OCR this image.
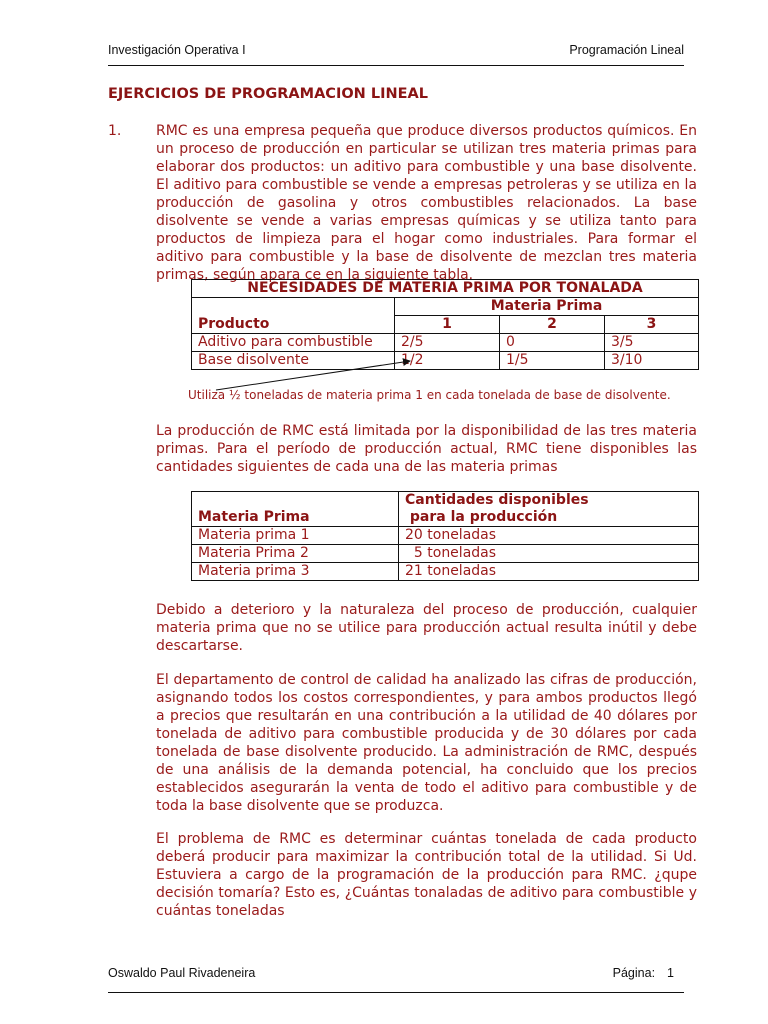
Investigación Operativa I	Programación Lineal
EJERCICIOS DE PROGRAMACION LINEAL
1. RMC es una empresa pequeña que produce diversos productos químicos. En un proceso de producción en particular se utilizan tres materia primas para elaborar dos productos: un aditivo para combustible y una base disolvente. El aditivo para combustible se vende a empresas petroleras y se utiliza en la producción de gasolina y otros combustibles relacionados. La base disolvente se vende a varias empresas químicas y se utiliza tanto para productos de limpieza para el hogar como industriales. Para formar el aditivo para combustible y la base de disolvente de mezclan tres materia primas, según apara ce en la siguiente tabla.
NECESIDADES DE MATERIA PRIMA POR TONALADA			
	Materia Prima		
Producto	1	2	3
Aditivo para combustible	2/5	0	3/5
Base disolvente	1/2	1/5	3/10
Utiliza ½ toneladas de materia prima 1 en cada tonelada de base de disolvente.
La producción de RMC está limitada por la disponibilidad de las tres materia primas. Para el período de producción actual, RMC tiene disponibles las cantidades siguientes de cada una de las materia primas
	Cantidades disponibles
Materia Prima	para la producción
Materia prima 1	20 toneladas
Materia Prima 2	5 toneladas
Materia prima 3	21 toneladas
Debido a deterioro y la naturaleza del proceso de producción, cualquier materia prima que no se utilice para producción actual resulta inútil y debe descartarse.
El departamento de control de calidad ha analizado las cifras de producción, asignando todos los costos correspondientes, y para ambos productos llegó a precios que resultarán en una contribución a la utilidad de 40 dólares por tonelada de aditivo para combustible producida y de 30 dólares por cada tonelada de base disolvente producido. La administración de RMC, después de una análisis de la demanda potencial, ha concluido que los precios establecidos asegurarán la venta de todo el aditivo para combustible y de toda la base disolvente que se produzca.
El problema de RMC es determinar cuántas tonelada de cada producto deberá producir para maximizar la contribución total de la utilidad. Si Ud. Estuviera a cargo de la programación de la producción para RMC. ¿qupe decisión tomaría? Esto es, ¿Cuántas tonaladas de aditivo para combustible y cuántas toneladas
Oswaldo Paul Rivadeneira	Página: 1
